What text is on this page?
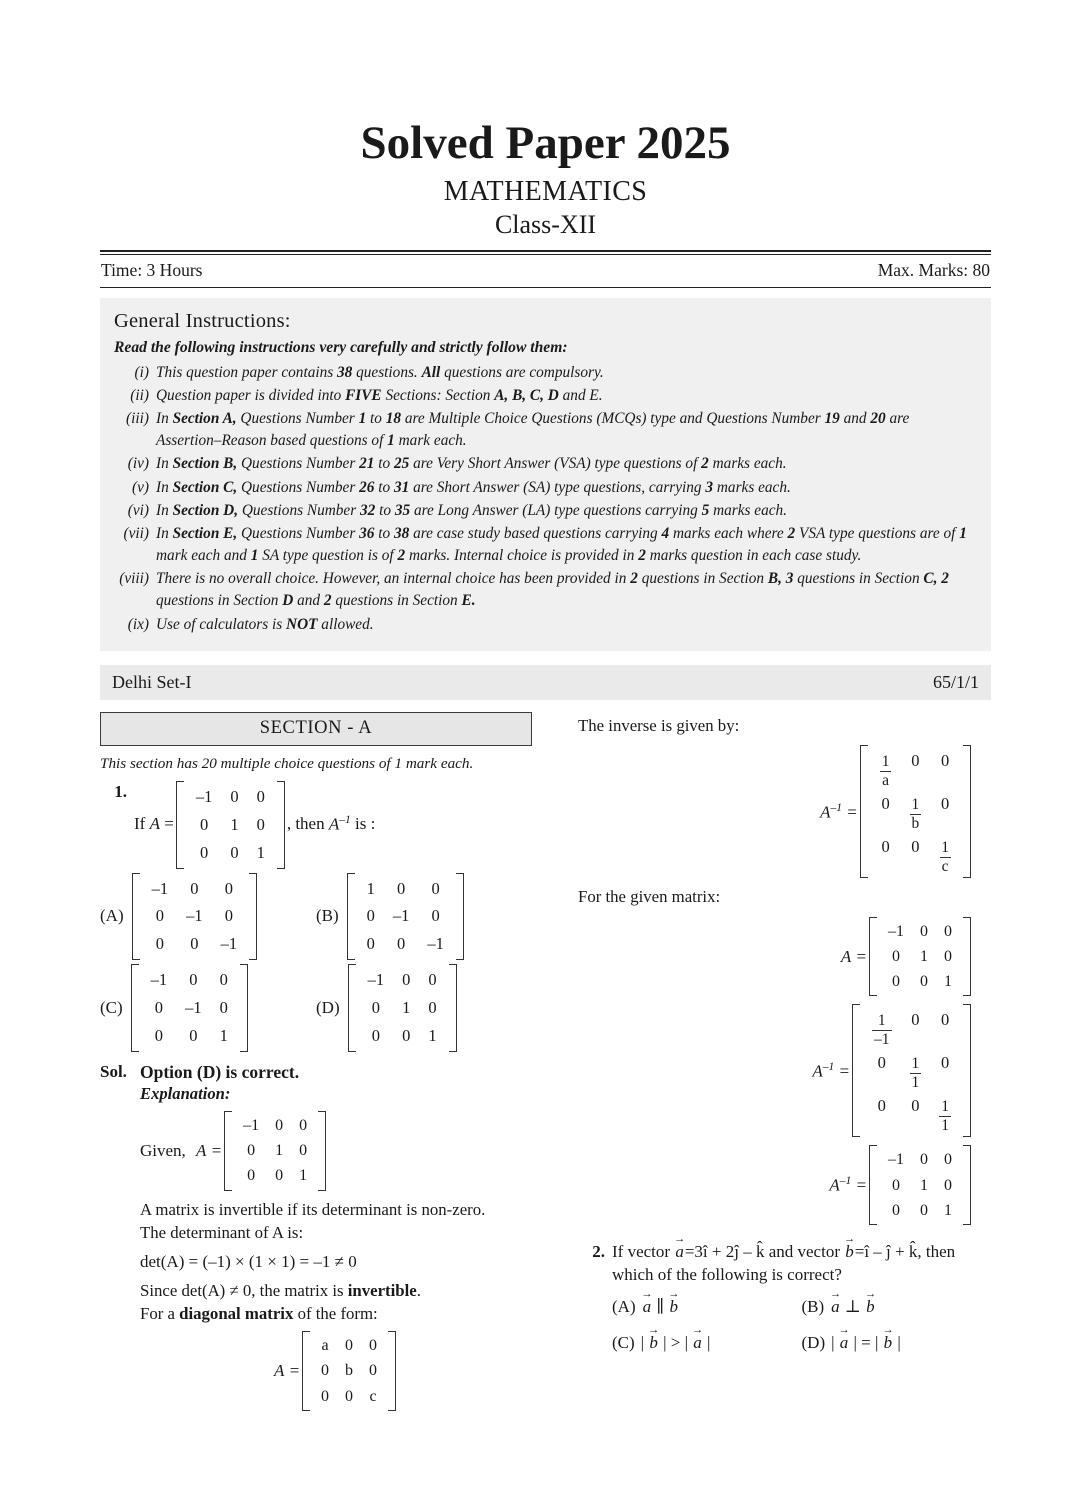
Solved Paper 2025
MATHEMATICS
Class-XII
Time: 3 Hours	Max. Marks: 80
General Instructions:
Read the following instructions very carefully and strictly follow them:
(i) This question paper contains 38 questions. All questions are compulsory.
(ii) Question paper is divided into FIVE Sections: Section A, B, C, D and E.
(iii) In Section A, Questions Number 1 to 18 are Multiple Choice Questions (MCQs) type and Questions Number 19 and 20 are Assertion–Reason based questions of 1 mark each.
(iv) In Section B, Questions Number 21 to 25 are Very Short Answer (VSA) type questions of 2 marks each.
(v) In Section C, Questions Number 26 to 31 are Short Answer (SA) type questions, carrying 3 marks each.
(vi) In Section D, Questions Number 32 to 35 are Long Answer (LA) type questions carrying 5 marks each.
(vii) In Section E, Questions Number 36 to 38 are case study based questions carrying 4 marks each where 2 VSA type questions are of 1 mark each and 1 SA type question is of 2 marks. Internal choice is provided in 2 marks question in each case study.
(viii) There is no overall choice. However, an internal choice has been provided in 2 questions in Section B, 3 questions in Section C, 2 questions in Section D and 2 questions in Section E.
(ix) Use of calculators is NOT allowed.
Delhi Set-I	65/1/1
SECTION - A
This section has 20 multiple choice questions of 1 mark each.
1.
If
A
=
–1	0	0
0	1	0
0	0	1
, then
$A^{-1}$
is :
(A)
–1	0	0
0	–1	0
0	0	–1
(B)
1	0	0
0	–1	0
0	0	–1
(C)
–1	0	0
0	–1	0
0	0	1
(D)
–1	0	0
0	1	0
0	0	1
Sol. Option (D) is correct.
Explanation:
Given, A =
–1	0	0
0	1	0
0	0	1
A matrix is invertible if its determinant is non-zero.
The determinant of A is:
det(A) = (–1) × (1 × 1) = –1 ≠ 0
Since det(A) ≠ 0, the matrix is invertible.
For a diagonal matrix of the form:
A =
a	0	0
0	b	0
0	0	c
The inverse is given by:
$A^{-1}$ =
$\frac{1}{a}$	0	0
0	$\frac{1}{b}$	0
0	0	$\frac{1}{c}$
For the given matrix:
A =
–1	0	0
0	1	0
0	0	1
$A^{-1}$ =
$\frac{1}{-1}$	0	0
0	$\frac{1}{1}$	0
0	0	$\frac{1}{1}$
$A^{-1}$ =
–1	0	0
0	1	0
0	0	1
2. If vector → a=3î + 2ĵ – k̂ and vector → b=î – ĵ + k̂, then
which of the following is correct?
(A) → a ∥ → b	(B) → a ⊥ → b
(C) | → b | > | → a |	(D) | → a | = | → b |
